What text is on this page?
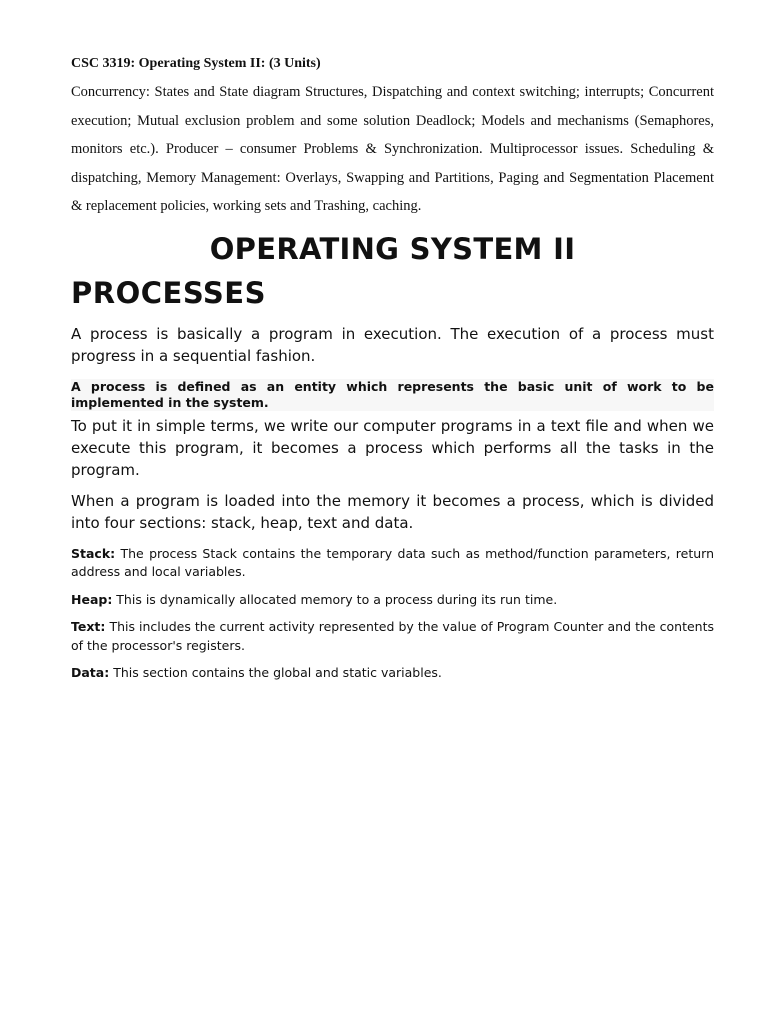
CSC 3319: Operating System II: (3 Units)

Concurrency: States and State diagram Structures, Dispatching and context switching; interrupts; Concurrent execution; Mutual exclusion problem and some solution Deadlock; Models and mechanisms (Semaphores, monitors etc.). Producer – consumer Problems & Synchronization. Multiprocessor issues. Scheduling & dispatching, Memory Management: Overlays, Swapping and Partitions, Paging and Segmentation Placement & replacement policies, working sets and Trashing, caching.

OPERATING SYSTEM II
PROCESSES

A process is basically a program in execution. The execution of a process must progress in a sequential fashion.

A process is defined as an entity which represents the basic unit of work to be implemented in the system.

To put it in simple terms, we write our computer programs in a text file and when we execute this program, it becomes a process which performs all the tasks in the program.

When a program is loaded into the memory it becomes a process, which is divided into four sections: stack, heap, text and data.

Stack: The process Stack contains the temporary data such as method/function parameters, return address and local variables.

Heap: This is dynamically allocated memory to a process during its run time.

Text: This includes the current activity represented by the value of Program Counter and the contents of the processor's registers.

Data: This section contains the global and static variables.
